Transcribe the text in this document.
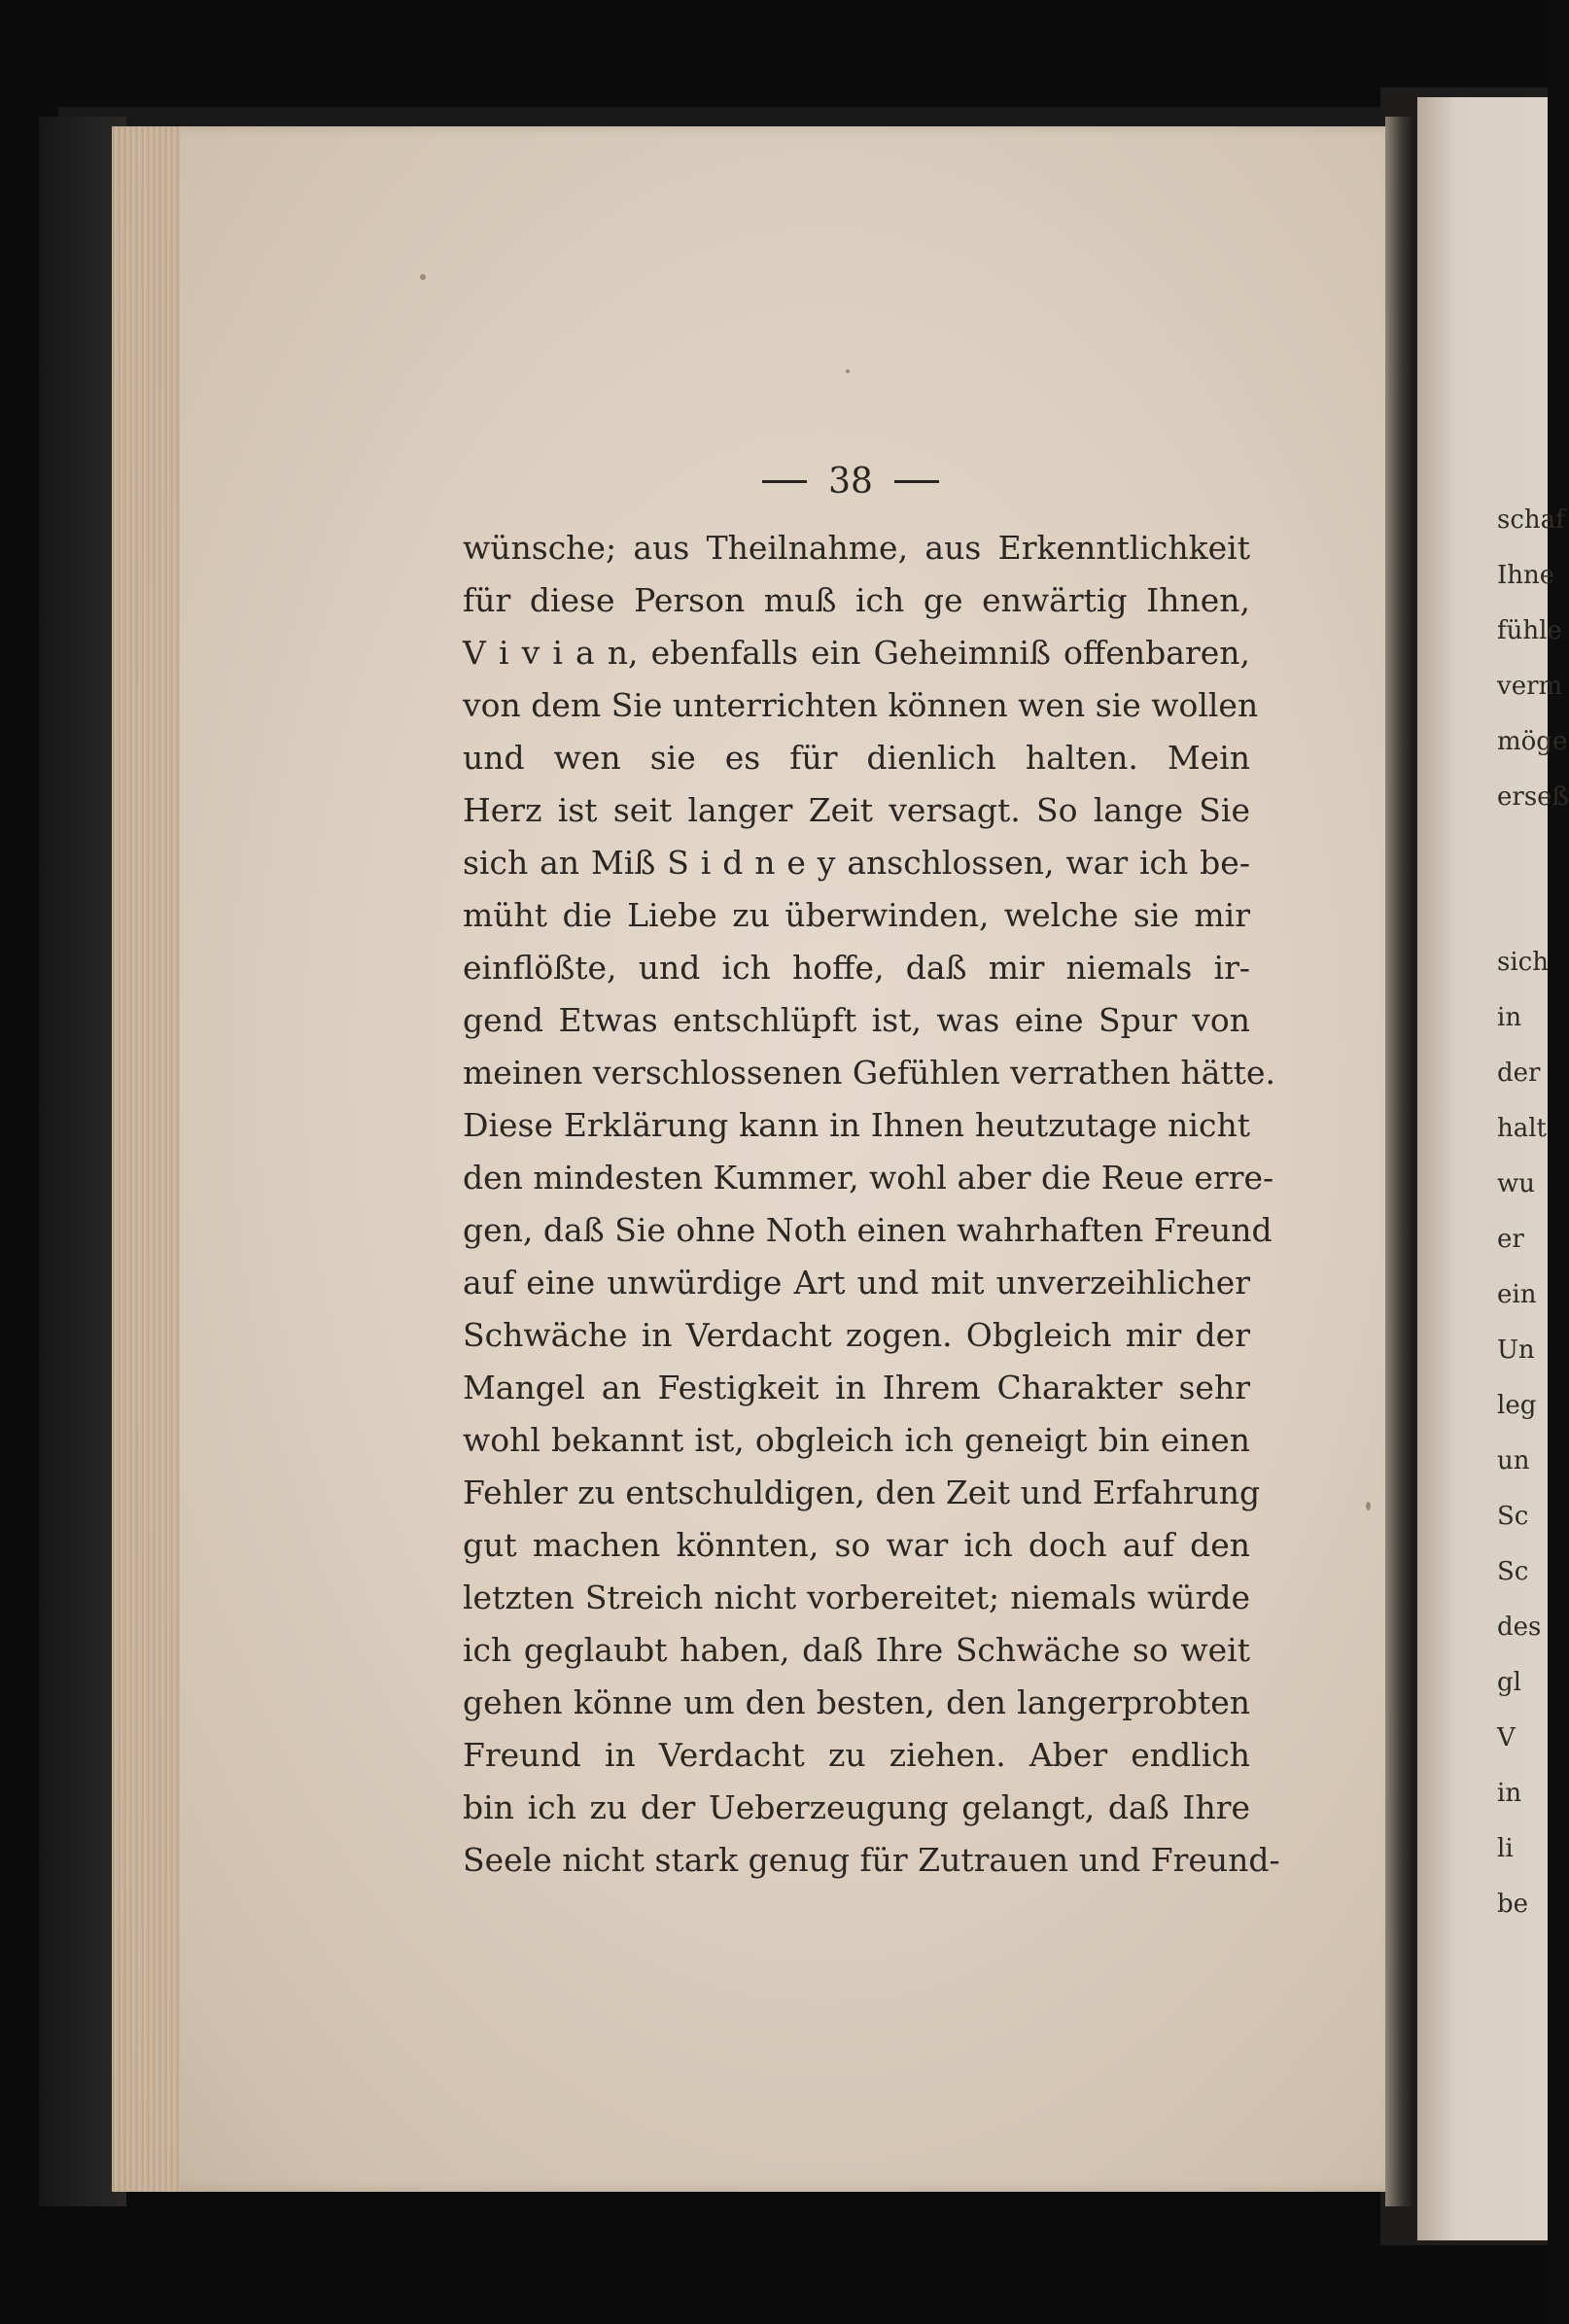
38
wünsche; aus Theilnahme, aus Erkenntlichkeit
für diese Person muß ich ge enwärtig Ihnen,
V i v i a n, ebenfalls ein Geheimniß offenbaren,
von dem Sie unterrichten können wen sie wollen
und wen sie es für dienlich halten. Mein
Herz ist seit langer Zeit versagt. So lange Sie
sich an Miß S i d n e y anschlossen, war ich be-
müht die Liebe zu überwinden, welche sie mir
einflößte, und ich hoffe, daß mir niemals ir-
gend Etwas entschlüpft ist, was eine Spur von
meinen verschlossenen Gefühlen verrathen hätte.
Diese Erklärung kann in Ihnen heutzutage nicht
den mindesten Kummer, wohl aber die Reue erre-
gen, daß Sie ohne Noth einen wahrhaften Freund
auf eine unwürdige Art und mit unverzeihlicher
Schwäche in Verdacht zogen. Obgleich mir der
Mangel an Festigkeit in Ihrem Charakter sehr
wohl bekannt ist, obgleich ich geneigt bin einen
Fehler zu entschuldigen, den Zeit und Erfahrung
gut machen könnten, so war ich doch auf den
letzten Streich nicht vorbereitet; niemals würde
ich geglaubt haben, daß Ihre Schwäche so weit
gehen könne um den besten, den langerprobten
Freund in Verdacht zu ziehen. Aber endlich
bin ich zu der Ueberzeugung gelangt, daß Ihre
Seele nicht stark genug für Zutrauen und Freund-
schaf
Ihne
fühle
verm
möge
erseß
sich
in
der
halt
wu
er
ein
Un
leg
un
Sc
Sc
des
gl
V
in
li
be
